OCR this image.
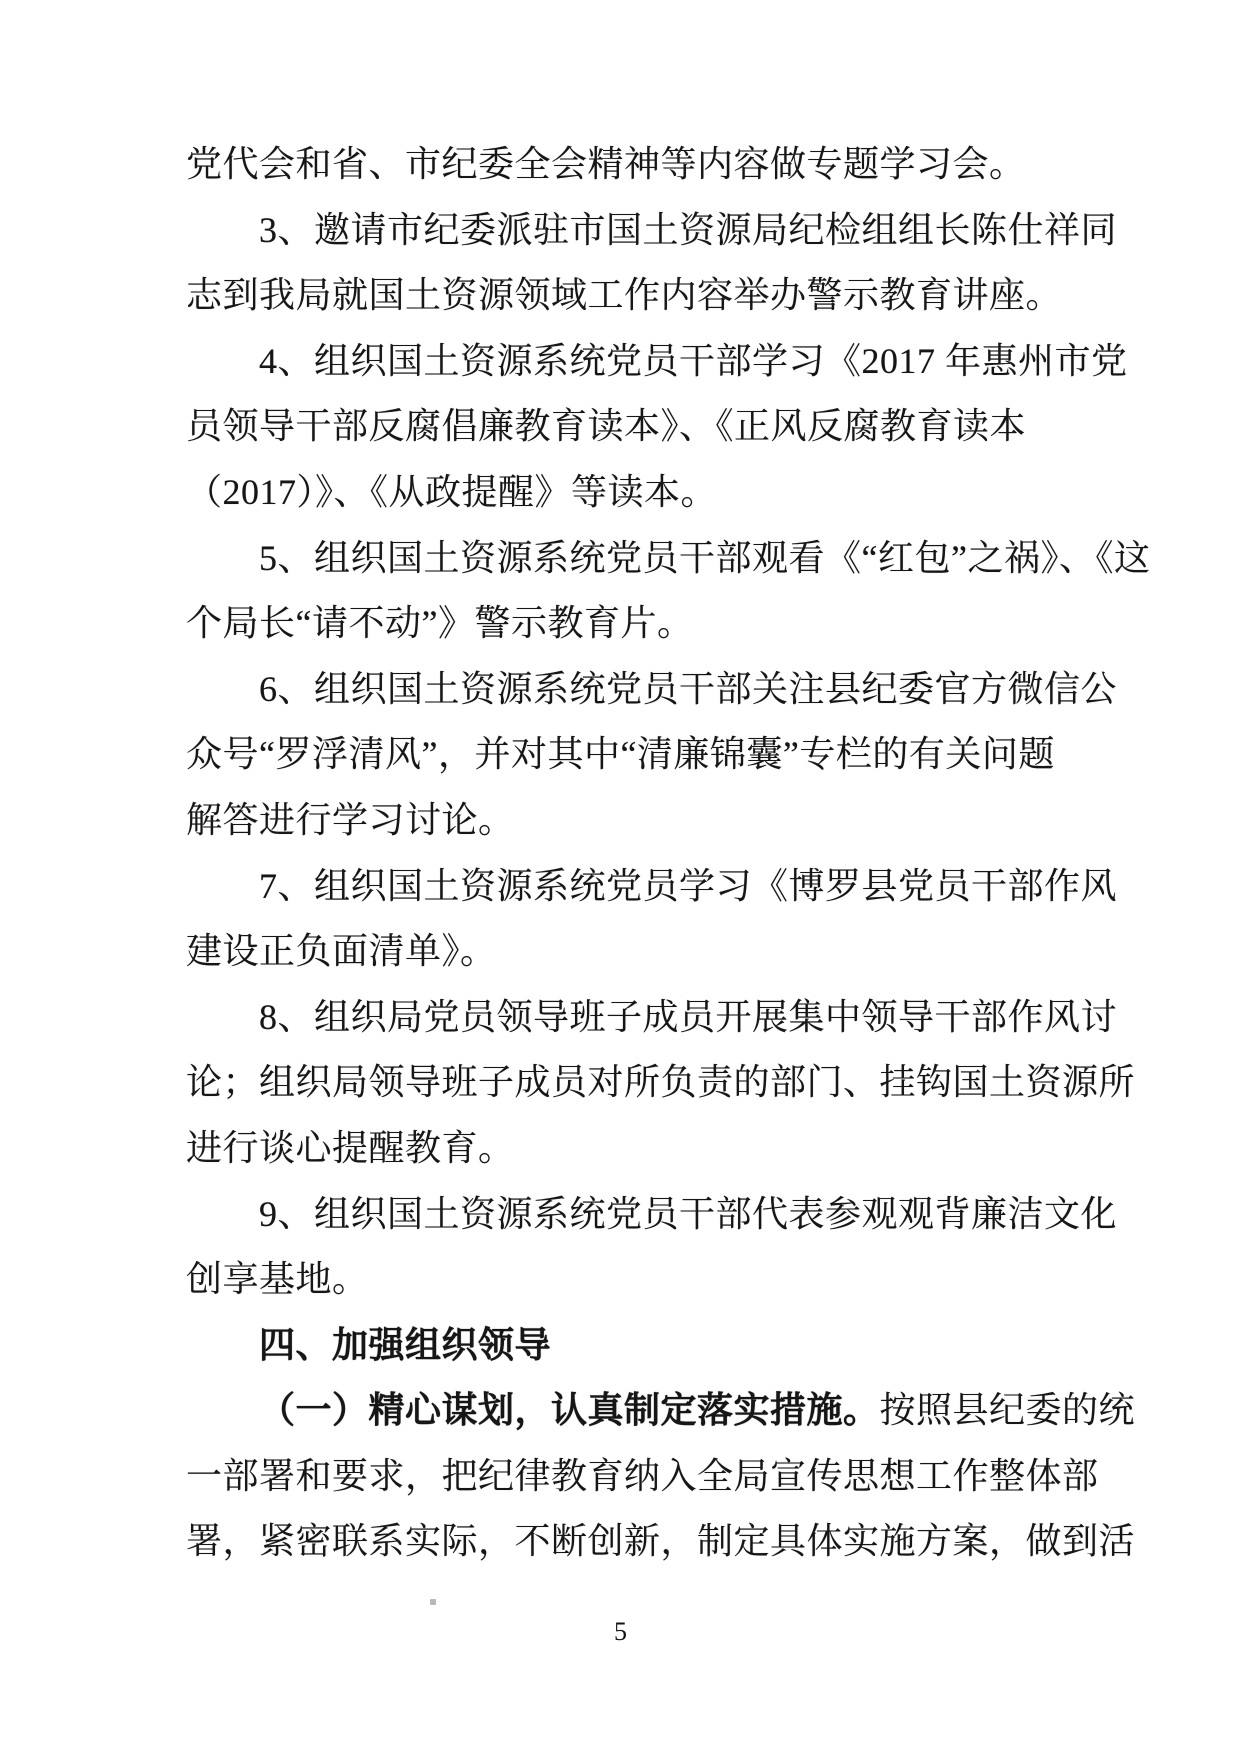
党代会和省、市纪委全会精神等内容做专题学习会。
3、邀请市纪委派驻市国土资源局纪检组组长陈仕祥同
志到我局就国土资源领域工作内容举办警示教育讲座。
4、组织国土资源系统党员干部学习《2017 年惠州市党
员领导干部反腐倡廉教育读本》、《正风反腐教育读本
（2017）》、《从政提醒》等读本。
5、组织国土资源系统党员干部观看《“红包”之祸》、《这
个局长“请不动”》警示教育片。
6、组织国土资源系统党员干部关注县纪委官方微信公
众号“罗浮清风”，并对其中“清廉锦囊”专栏的有关问题
解答进行学习讨论。
7、组织国土资源系统党员学习《博罗县党员干部作风
建设正负面清单》。
8、组织局党员领导班子成员开展集中领导干部作风讨
论；组织局领导班子成员对所负责的部门、挂钩国土资源所
进行谈心提醒教育。
9、组织国土资源系统党员干部代表参观观背廉洁文化
创享基地。
四、加强组织领导
（一）精心谋划，认真制定落实措施。按照县纪委的统
一部署和要求，把纪律教育纳入全局宣传思想工作整体部
署，紧密联系实际，不断创新，制定具体实施方案，做到活
5
